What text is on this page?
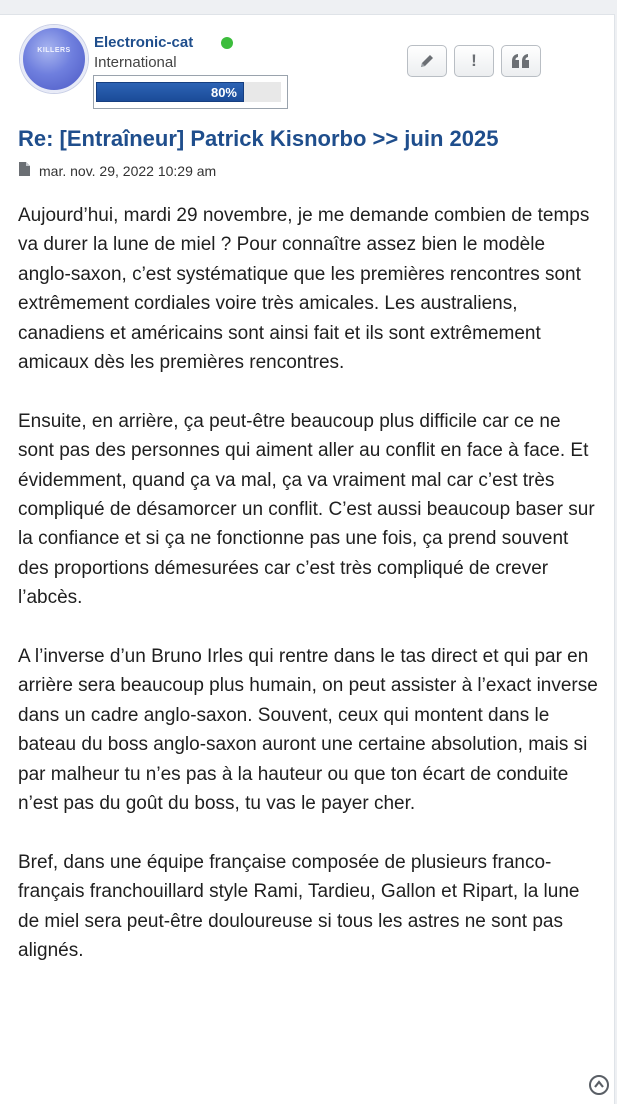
KILLERS Electronic-cat
International
80%
!
Re: [Entraîneur] Patrick Kisnorbo >> juin 2025
mar. nov. 29, 2022 10:29 am

Aujourd’hui, mardi 29 novembre, je me demande combien de temps va durer la lune de miel ? Pour connaître assez bien le modèle anglo-saxon, c’est systématique que les premières rencontres sont extrêmement cordiales voire très amicales. Les australiens, canadiens et américains sont ainsi fait et ils sont extrêmement amicaux dès les premières rencontres.

Ensuite, en arrière, ça peut-être beaucoup plus difficile car ce ne sont pas des personnes qui aiment aller au conflit en face à face. Et évidemment, quand ça va mal, ça va vraiment mal car c’est très compliqué de désamorcer un conflit. C’est aussi beaucoup baser sur la confiance et si ça ne fonctionne pas une fois, ça prend souvent des proportions démesurées car c’est très compliqué de crever l’abcès.

A l’inverse d’un Bruno Irles qui rentre dans le tas direct et qui par en arrière sera beaucoup plus humain, on peut assister à l’exact inverse dans un cadre anglo-saxon. Souvent, ceux qui montent dans le bateau du boss anglo-saxon auront une certaine absolution, mais si par malheur tu n’es pas à la hauteur ou que ton écart de conduite n’est pas du goût du boss, tu vas le payer cher.

Bref, dans une équipe française composée de plusieurs franco-français franchouillard style Rami, Tardieu, Gallon et Ripart, la lune de miel sera peut-être douloureuse si tous les astres ne sont pas alignés.
